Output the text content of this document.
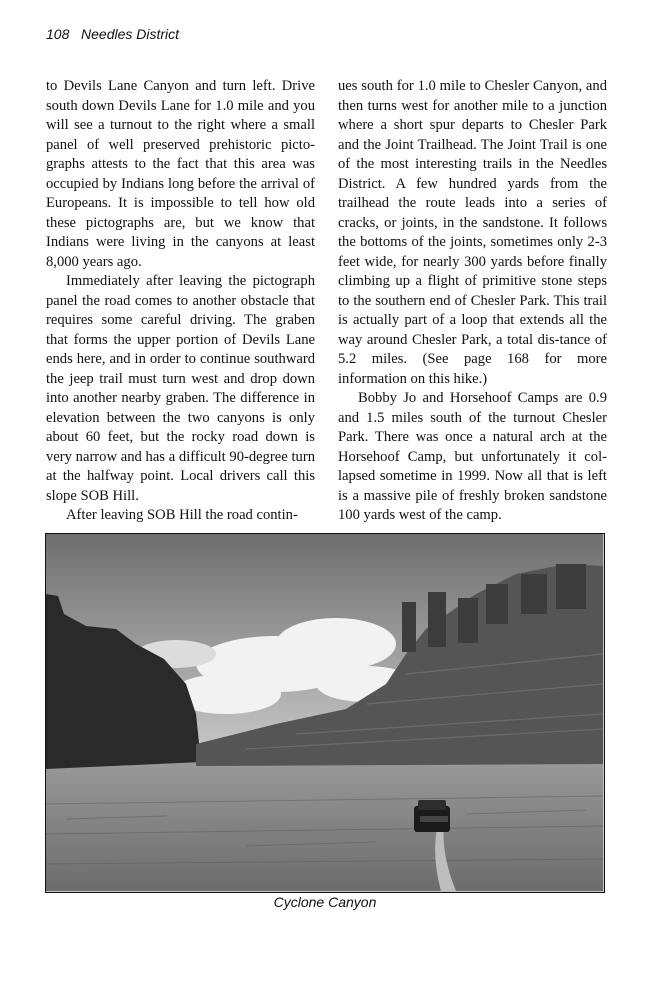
108 Needles District

to Devils Lane Canyon and turn left. Drive south down Devils Lane for 1.0 mile and you will see a turnout to the right where a small panel of well preserved prehistoric picto-graphs attests to the fact that this area was occupied by Indians long before the arrival of Europeans. It is impossible to tell how old these pictographs are, but we know that Indians were living in the canyons at least 8,000 years ago.

Immediately after leaving the pictograph panel the road comes to another obstacle that requires some careful driving. The graben that forms the upper portion of Devils Lane ends here, and in order to continue southward the jeep trail must turn west and drop down into another nearby graben. The difference in elevation between the two canyons is only about 60 feet, but the rocky road down is very narrow and has a difficult 90-degree turn at the halfway point. Local drivers call this slope SOB Hill.

After leaving SOB Hill the road contin-

ues south for 1.0 mile to Chesler Canyon, and then turns west for another mile to a junction where a short spur departs to Chesler Park and the Joint Trailhead. The Joint Trail is one of the most interesting trails in the Needles District. A few hundred yards from the trailhead the route leads into a series of cracks, or joints, in the sandstone. It follows the bottoms of the joints, sometimes only 2-3 feet wide, for nearly 300 yards before finally climbing up a flight of primitive stone steps to the southern end of Chesler Park. This trail is actually part of a loop that extends all the way around Chesler Park, a total dis-tance of 5.2 miles. (See page 168 for more information on this hike.)

Bobby Jo and Horsehoof Camps are 0.9 and 1.5 miles south of the turnout Chesler Park. There was once a natural arch at the Horsehoof Camp, but unfortunately it col-lapsed sometime in 1999. Now all that is left is a massive pile of freshly broken sandstone 100 yards west of the camp.

Cyclone Canyon
